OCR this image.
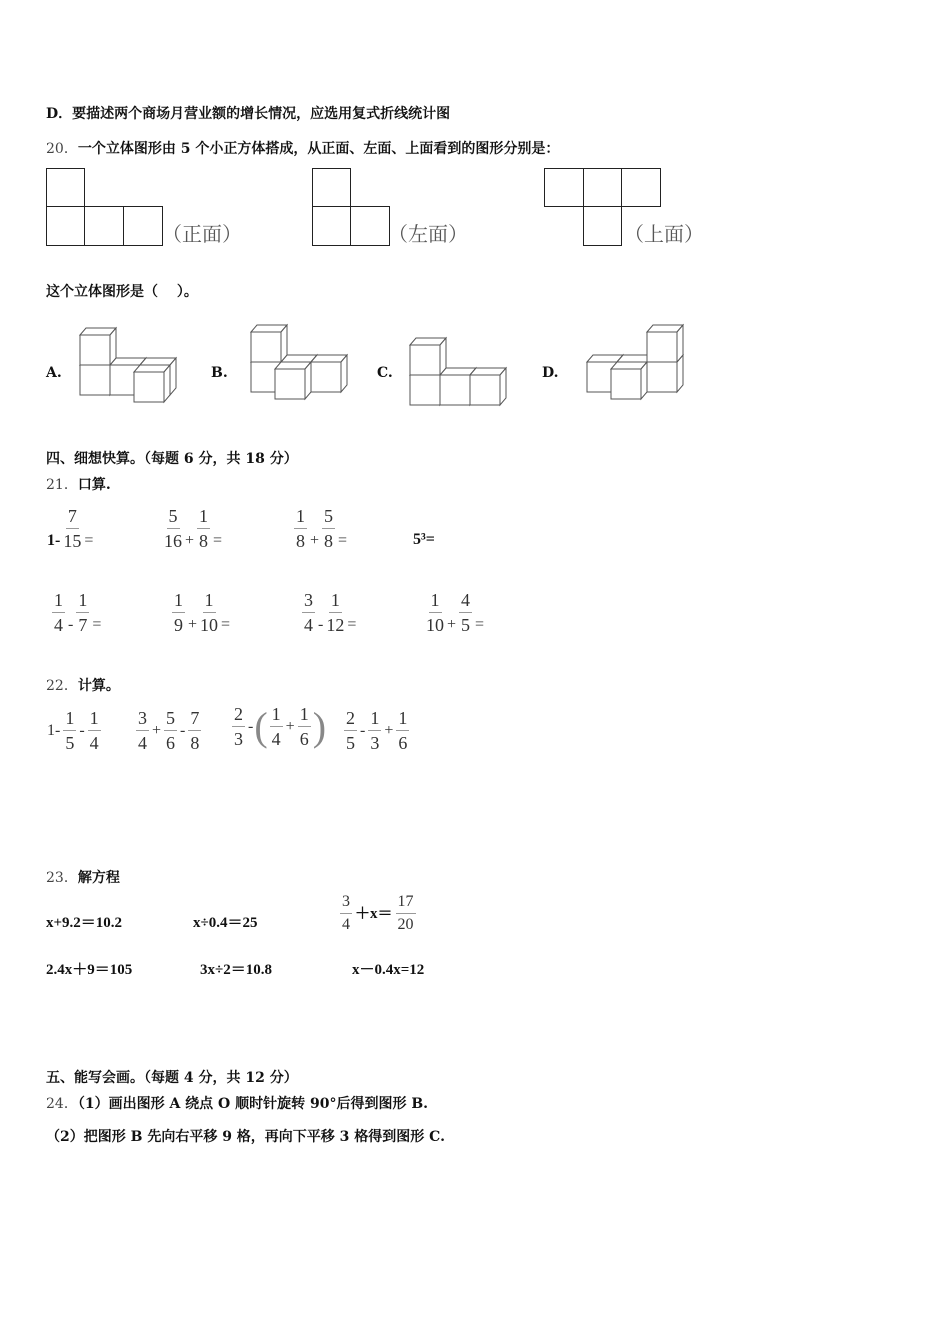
D．要描述两个商场月营业额的增长情况，应选用复式折线统计图
20．一个立体图形由 5 个小正方体搭成，从正面、左面、上面看到的图形分别是：
（正面）	（左面）	（上面）
这个立体图形是（　 ）。
A.	B.	C.	D.
四、细想快算。（每题 6 分，共 18 分）
21．口算.
$1- \frac{7}{15}$ =	$\frac{5}{16} + \frac{1}{8}$ =	$\frac{1}{8} + \frac{5}{8}$ =	5³=
$\frac{1}{4} - \frac{1}{7}$ =	$\frac{1}{9} + \frac{1}{10}$ =	$\frac{3}{4} - \frac{1}{12}$ =	$\frac{1}{10} + \frac{4}{5}$ =
22．计算。
$1- \frac{1}{5} - \frac{1}{4} \frac{3}{4} + \frac{5}{6} - \frac{7}{8} \frac{2}{3}$ - ( $\frac{1}{4} + \frac{1}{6}$ ) $\frac{2}{5} - \frac{1}{3} + \frac{1}{6}$
23．解方程
x+9.2＝10.2	x÷0.4＝25	$\frac{3}{4} +x= \frac{17}{20}$
2.4x＋9＝105	3x÷2＝10.8	x－0.4x=12
五、能写会画。（每题 4 分，共 12 分）
24．（1）画出图形 A 绕点 O 顺时针旋转 90°后得到图形 B.
（2）把图形 B 先向右平移 9 格，再向下平移 3 格得到图形 C.
